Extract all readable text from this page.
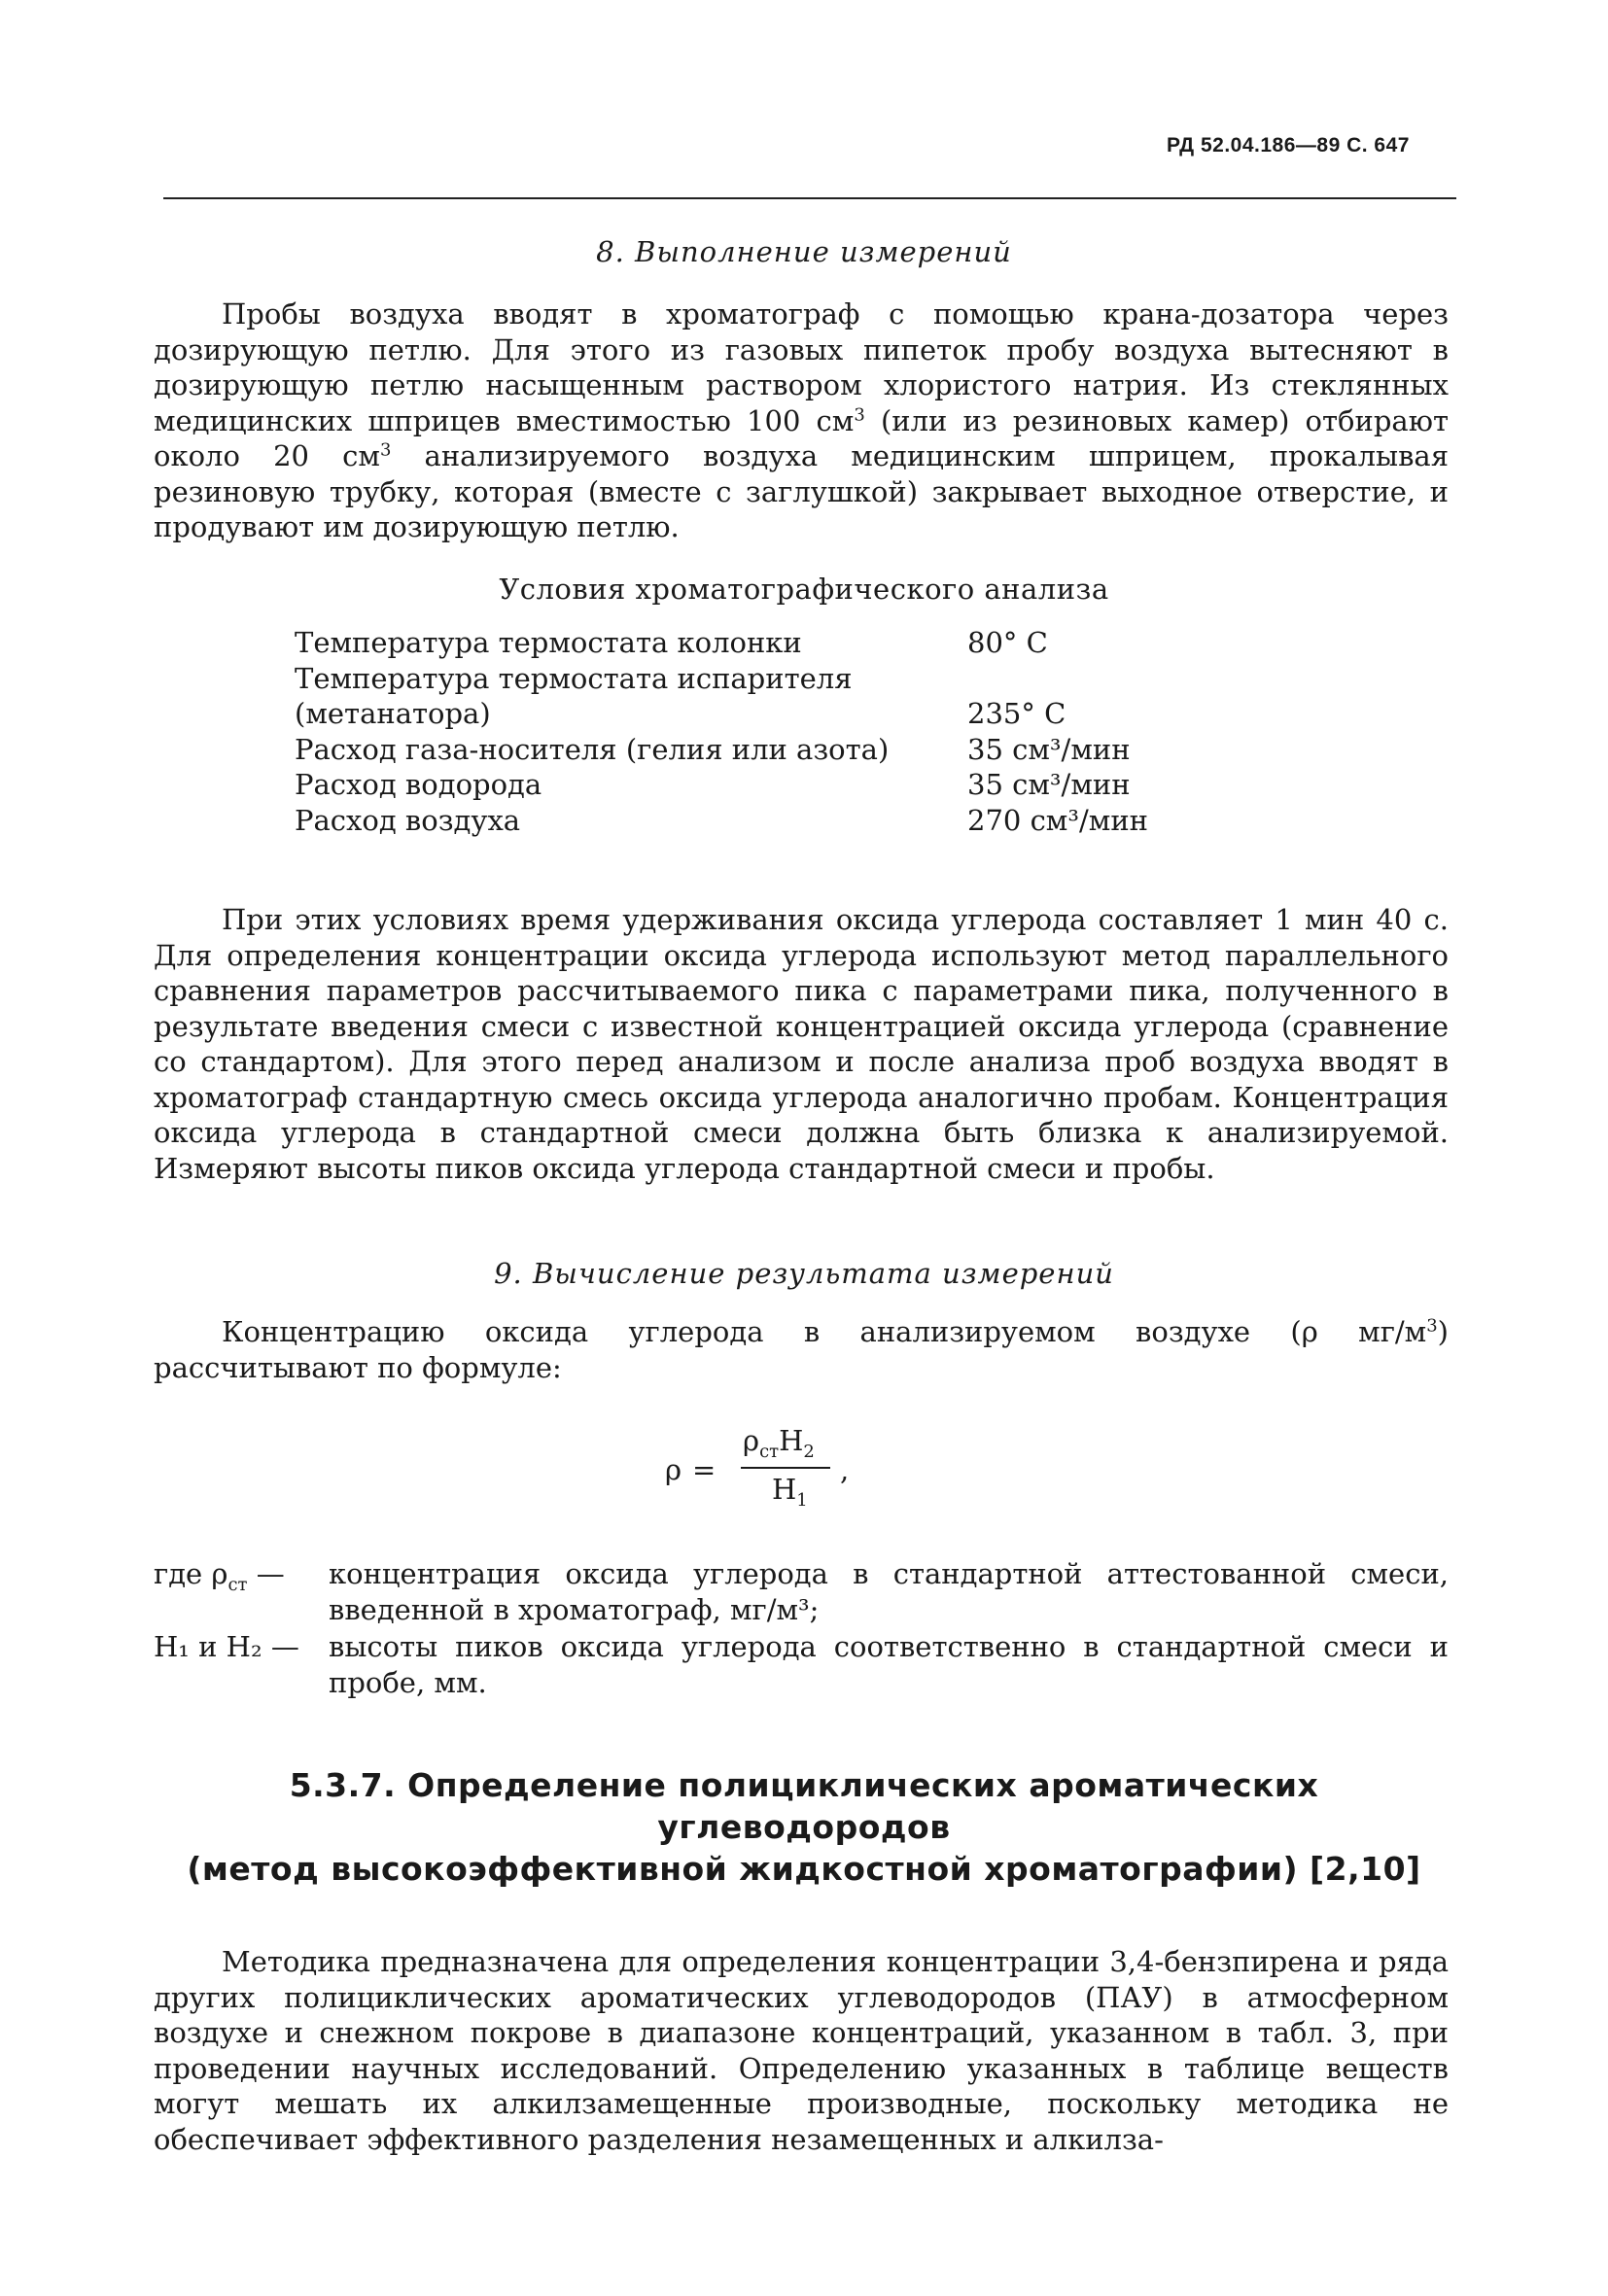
РД 52.04.186—89 С. 647
8. Выполнение измерений

Пробы воздуха вводят в хроматограф с помощью крана-дозатора через дозирующую петлю. Для этого из газовых пипеток пробу воздуха вытесняют в дозирующую петлю насыщенным раствором хлористого натрия. Из стеклянных медицинских шприцев вместимостью 100 $см^3$ (или из резиновых камер) отбирают около 20 $см^3$ анализируемого воздуха медицинским шприцем, прокалывая резиновую трубку, которая (вместе с заглушкой) закрывает выходное отверстие, и продувают им дозирующую петлю.

Условия хроматографического анализа
Температура термостата колонки	80° С
Температура термостата испарителя (метанатора)	235° С
Расход газа-носителя (гелия или азота)	35 см³/мин
Расход водорода	35 см³/мин
Расход воздуха	270 см³/мин

При этих условиях время удерживания оксида углерода составляет 1 мин 40 с. Для определения концентрации оксида углерода используют метод параллельного сравнения параметров рассчитываемого пика с параметрами пика, полученного в результате введения смеси с известной концентрацией оксида углерода (сравнение со стандартом). Для этого перед анализом и после анализа проб воздуха вводят в хроматограф стандартную смесь оксида углерода аналогично пробам. Концентрация оксида углерода в стандартной смеси должна быть близка к анализируемой. Измеряют высоты пиков оксида углерода стандартной смеси и пробы.

9. Вычисление результата измерений

Концентрацию оксида углерода в анализируемом воздухе (ρ $мг/м^3$) рассчитывают по формуле:

ρ =
$\rho_{ст}H_2$
$H_1$
,
где $\rho_{ст}$ — концентрация оксида углерода в стандартной аттестованной смеси, введенной в хроматограф, мг/м³;
H₁ и H₂ — высоты пиков оксида углерода соответственно в стандартной смеси и пробе, мм.
5.3.7. Определение полициклических ароматических
углеводородов
(метод высокоэффективной жидкостной хроматографии) [2,10]

Методика предназначена для определения концентрации 3,4-бензпирена и ряда других полициклических ароматических углеводородов (ПАУ) в атмосферном воздухе и снежном покрове в диапазоне концентраций, указанном в табл. 3, при проведении научных исследований. Определению указанных в таблице веществ могут мешать их алкилзамещенные производные, поскольку методика не обеспечивает эффективного разделения незамещенных и алкилза-
